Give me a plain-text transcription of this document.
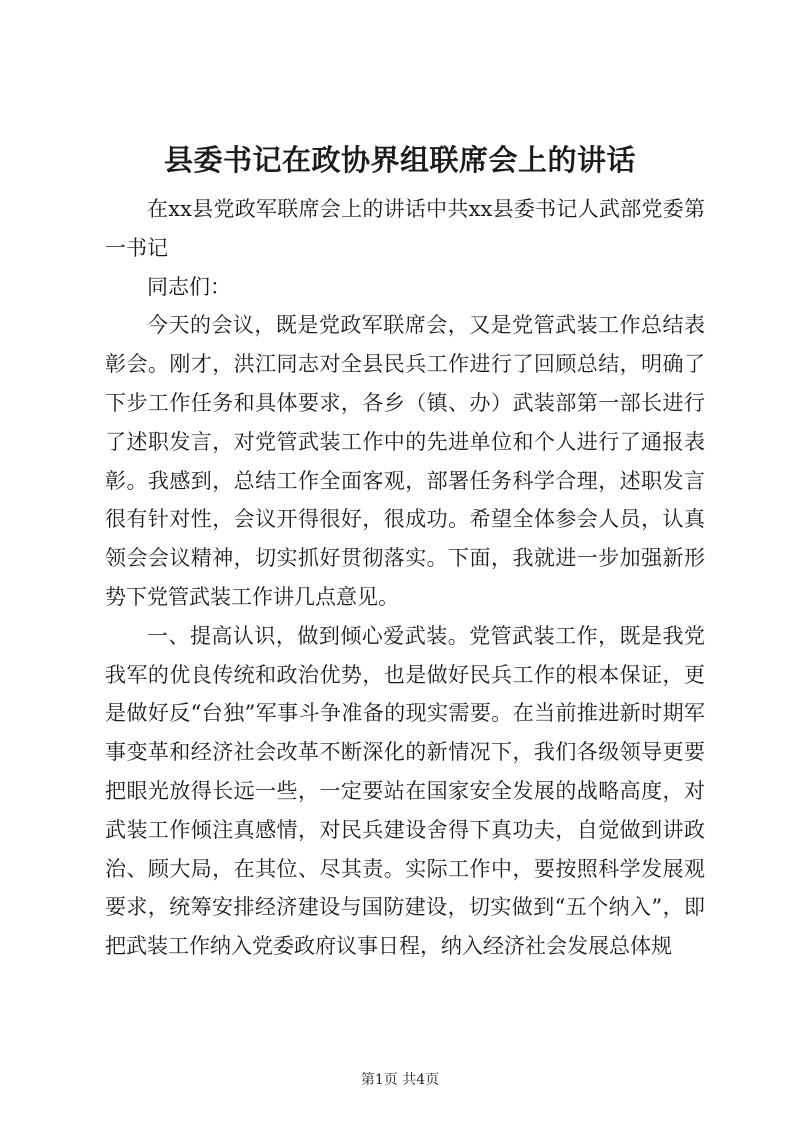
县委书记在政协界组联席会上的讲话

在xx县党政军联席会上的讲话中共xx县委书记人武部党委第一书记

同志们：

今天的会议，既是党政军联席会，又是党管武装工作总结表彰会。刚才，洪江同志对全县民兵工作进行了回顾总结，明确了下步工作任务和具体要求，各乡（镇、办）武装部第一部长进行了述职发言，对党管武装工作中的先进单位和个人进行了通报表彰。我感到，总结工作全面客观，部署任务科学合理，述职发言很有针对性，会议开得很好，很成功。希望全体参会人员，认真领会会议精神，切实抓好贯彻落实。下面，我就进一步加强新形势下党管武装工作讲几点意见。

一、提高认识，做到倾心爱武装。党管武装工作，既是我党我军的优良传统和政治优势，也是做好民兵工作的根本保证，更是做好反“台独”军事斗争准备的现实需要。在当前推进新时期军事变革和经济社会改革不断深化的新情况下，我们各级领导更要把眼光放得长远一些，一定要站在国家安全发展的战略高度，对武装工作倾注真感情，对民兵建设舍得下真功夫，自觉做到讲政治、顾大局，在其位、尽其责。实际工作中，要按照科学发展观要求，统筹安排经济建设与国防建设，切实做到“五个纳入”，即把武装工作纳入党委政府议事日程，纳入经济社会发展总体规

第1页 共4页
